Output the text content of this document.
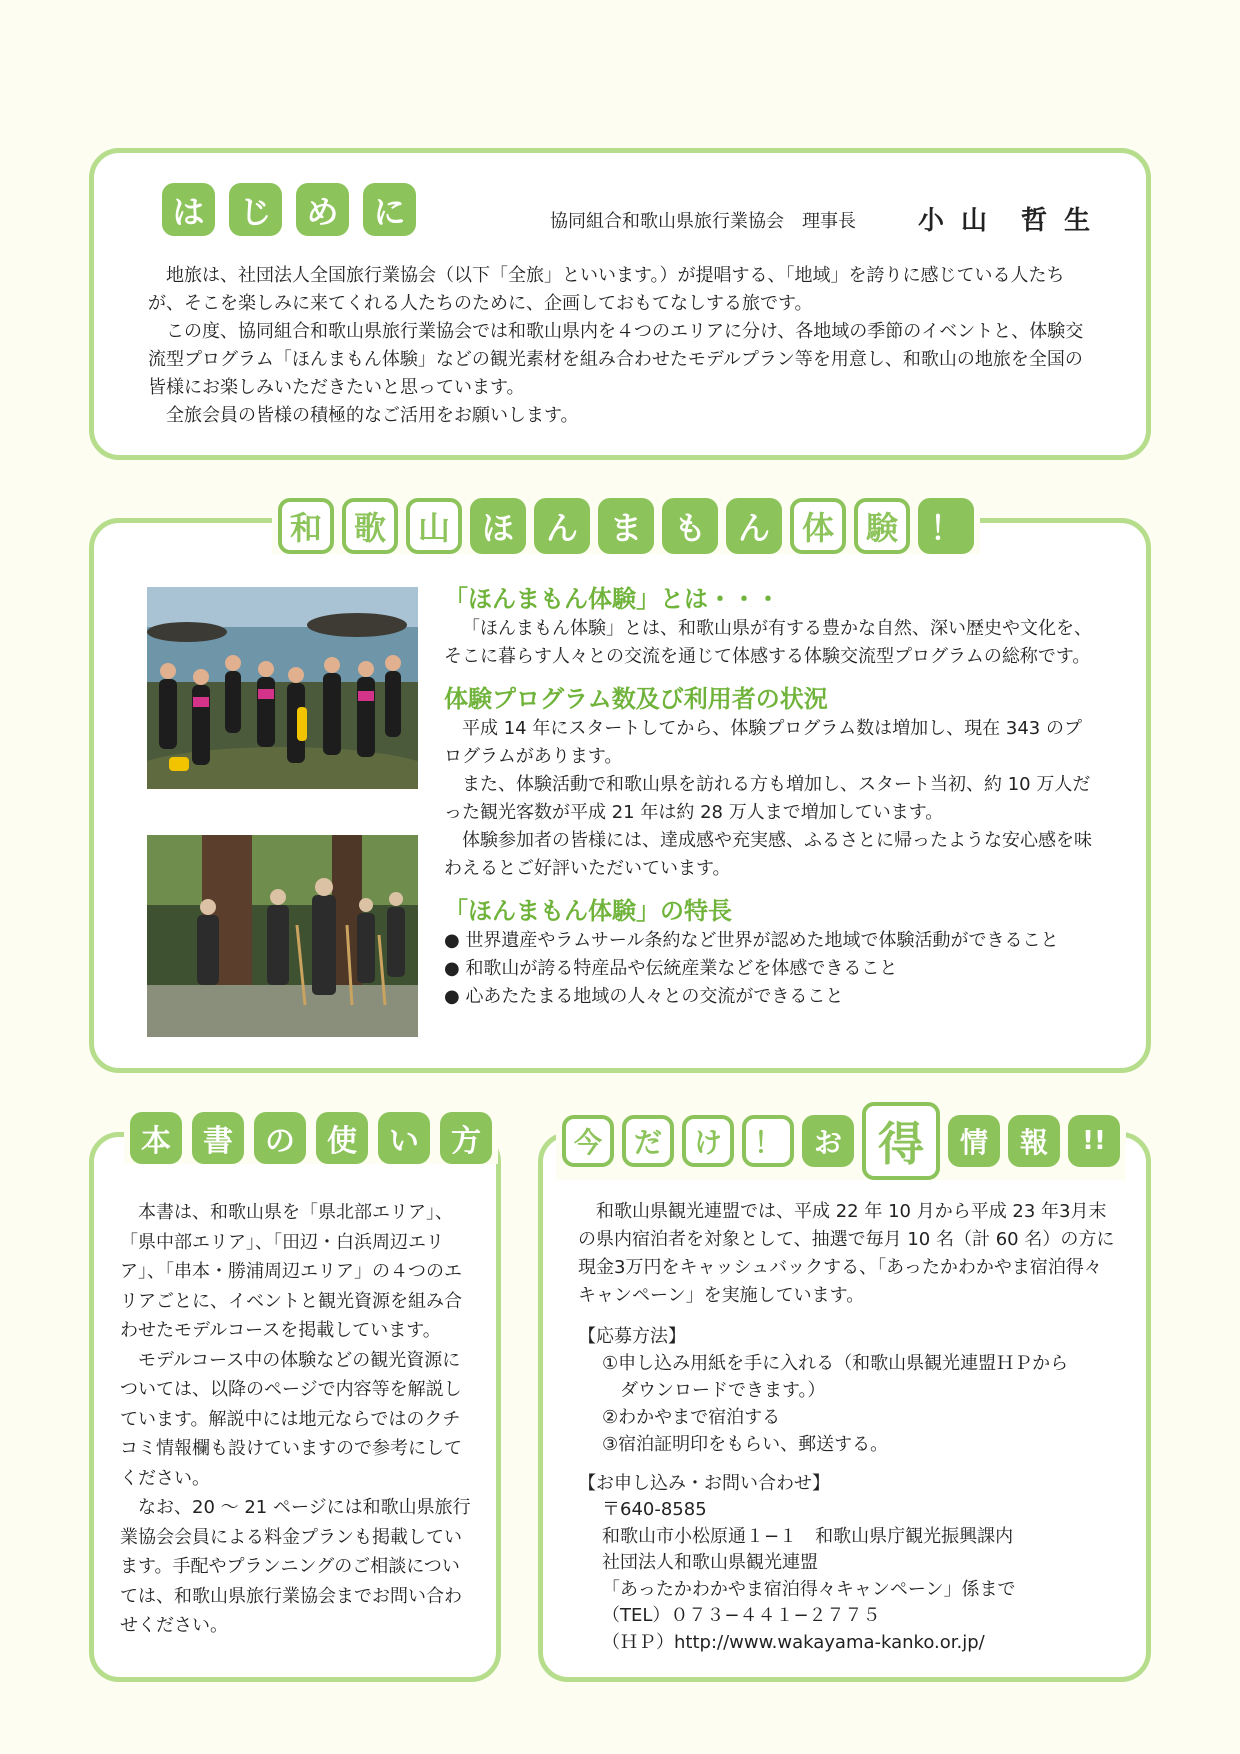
は	じ	め	に	協同組合和歌山県旅行業協会　理事長 小 山　哲 生

地旅は、社団法人全国旅行業協会（以下「全旅」といいます。）が提唱する、「地域」を誇りに感じている人たちが、そこを楽しみに来てくれる人たちのために、企画しておもてなしする旅です。

この度、協同組合和歌山県旅行業協会では和歌山県内を４つのエリアに分け、各地域の季節のイベントと、体験交流型プログラム「ほんまもん体験」などの観光素材を組み合わせたモデルプラン等を用意し、和歌山の地旅を全国の皆様にお楽しみいただきたいと思っています。

全旅会員の皆様の積極的なご活用をお願いします。

和 歌 山 ほ ん ま も ん 体 験 ！
「ほんまもん体験」とは・・・

「ほんまもん体験」とは、和歌山県が有する豊かな自然、深い歴史や文化を、そこに暮らす人々との交流を通じて体感する体験交流型プログラムの総称です。

体験プログラム数及び利用者の状況

平成 14 年にスタートしてから、体験プログラム数は増加し、現在 343 のプログラムがあります。

また、体験活動で和歌山県を訪れる方も増加し、スタート当初、約 10 万人だった観光客数が平成 21 年は約 28 万人まで増加しています。

体験参加者の皆様には、達成感や充実感、ふるさとに帰ったような安心感を味わえるとご好評いただいています。

「ほんまもん体験」の特長
● 世界遺産やラムサール条約など世界が認めた地域で体験活動ができること
● 和歌山が誇る特産品や伝統産業などを体感できること
● 心あたたまる地域の人々との交流ができること
本	書	の	使	い	方

本書は、和歌山県を「県北部エリア」、「県中部エリア」、「田辺・白浜周辺エリア」、「串本・勝浦周辺エリア」の４つのエリアごとに、イベントと観光資源を組み合わせたモデルコースを掲載しています。

モデルコース中の体験などの観光資源については、以降のページで内容等を解説しています。解説中には地元ならではのクチコミ情報欄も設けていますので参考にしてください。

なお、20 ～ 21 ページには和歌山県旅行業協会会員による料金プランも掲載しています。手配やプランニングのご相談については、和歌山県旅行業協会までお問い合わせください。

今	だ	け	！	お 得	情	報	!!

和歌山県観光連盟では、平成 22 年 10 月から平成 23 年3月末の県内宿泊者を対象として、抽選で毎月 10 名（計 60 名）の方に現金3万円をキャッシュバックする、「あったかわかやま宿泊得々キャンペーン」を実施しています。

【応募方法】
①申し込み用紙を手に入れる（和歌山県観光連盟ＨＰから
　ダウンロードできます。）
②わかやまで宿泊する
③宿泊証明印をもらい、郵送する。
【お申し込み・お問い合わせ】
〒640-8585
和歌山市小松原通１−１　和歌山県庁観光振興課内
社団法人和歌山県観光連盟
「あったかわかやま宿泊得々キャンペーン」係まで
（TEL）０７３−４４１−２７７５
（ＨＰ）http://www.wakayama-kanko.or.jp/
